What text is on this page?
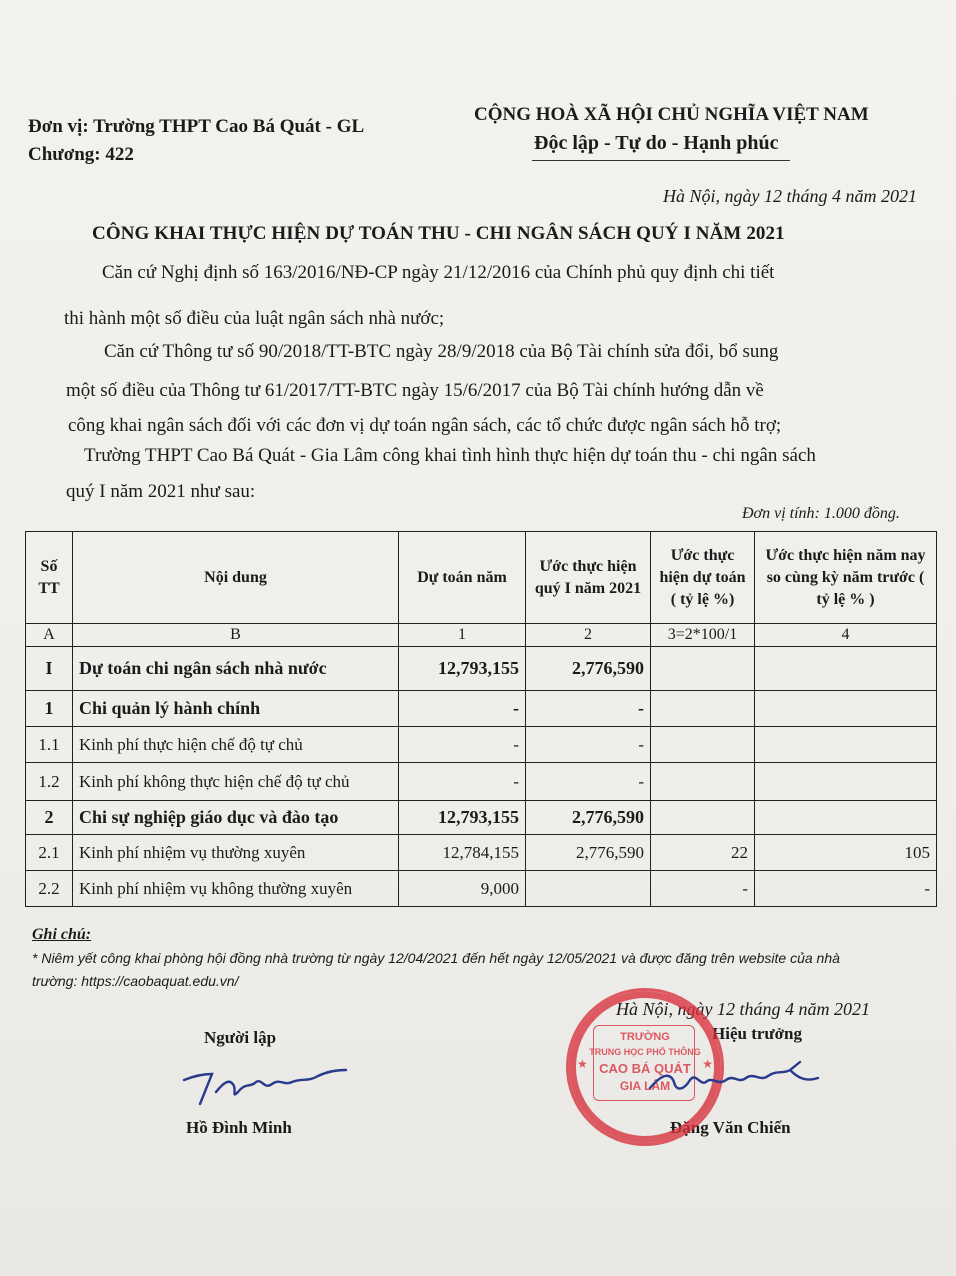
Đơn vị: Trường THPT Cao Bá Quát - GL
Chương: 422
CỘNG HOÀ XÃ HỘI CHỦ NGHĨA VIỆT NAM
Độc lập - Tự do - Hạnh phúc
Hà Nội, ngày 12 tháng 4 năm 2021
CÔNG KHAI THỰC HIỆN DỰ TOÁN THU - CHI NGÂN SÁCH QUÝ I NĂM 2021
Căn cứ Nghị định số 163/2016/NĐ-CP ngày 21/12/2016 của Chính phủ quy định chi tiết
thi hành một số điều của luật ngân sách nhà nước;
Căn cứ Thông tư số 90/2018/TT-BTC ngày 28/9/2018 của Bộ Tài chính sửa đổi, bổ sung
một số điều của Thông tư 61/2017/TT-BTC ngày 15/6/2017 của Bộ Tài chính hướng dẫn về
công khai ngân sách đối với các đơn vị dự toán ngân sách, các tổ chức được ngân sách hỗ trợ;
Trường THPT Cao Bá Quát - Gia Lâm công khai tình hình thực hiện dự toán thu - chi ngân sách
quý I năm 2021 như sau:
Đơn vị tính: 1.000 đồng.
Số TT	Nội dung	Dự toán năm	Ước thực hiện quý I năm 2021	Ước thực hiện dự toán ( tỷ lệ %)	Ước thực hiện năm nay so cùng kỳ năm trước ( tỷ lệ % )
A	B	1	2	3=2*100/1	4
I	Dự toán chi ngân sách nhà nước	12,793,155	2,776,590		
1	Chi quản lý hành chính	-	-		
1.1	Kinh phí thực hiện chế độ tự chủ	-	-		
1.2	Kinh phí không thực hiện chế độ tự chủ	-	-		
2	Chi sự nghiệp giáo dục và đào tạo	12,793,155	2,776,590		
2.1	Kinh phí nhiệm vụ thường xuyên	12,784,155	2,776,590	22	105
2.2	Kinh phí nhiệm vụ không thường xuyên	9,000		-	-
Ghi chú:
* Niêm yết công khai phòng hội đồng nhà trường từ ngày 12/04/2021 đến hết ngày 12/05/2021 và được đăng trên website của nhà
trường: https://caobaquat.edu.vn/
Hà Nội, ngày 12 tháng 4 năm 2021
Người lập
Hồ Đình Minh
Hiệu trưởng
Đặng Văn Chiến
★	★
TRƯỜNG
TRUNG HỌC PHỔ THÔNG
CAO BÁ QUÁT
GIA LÂM
